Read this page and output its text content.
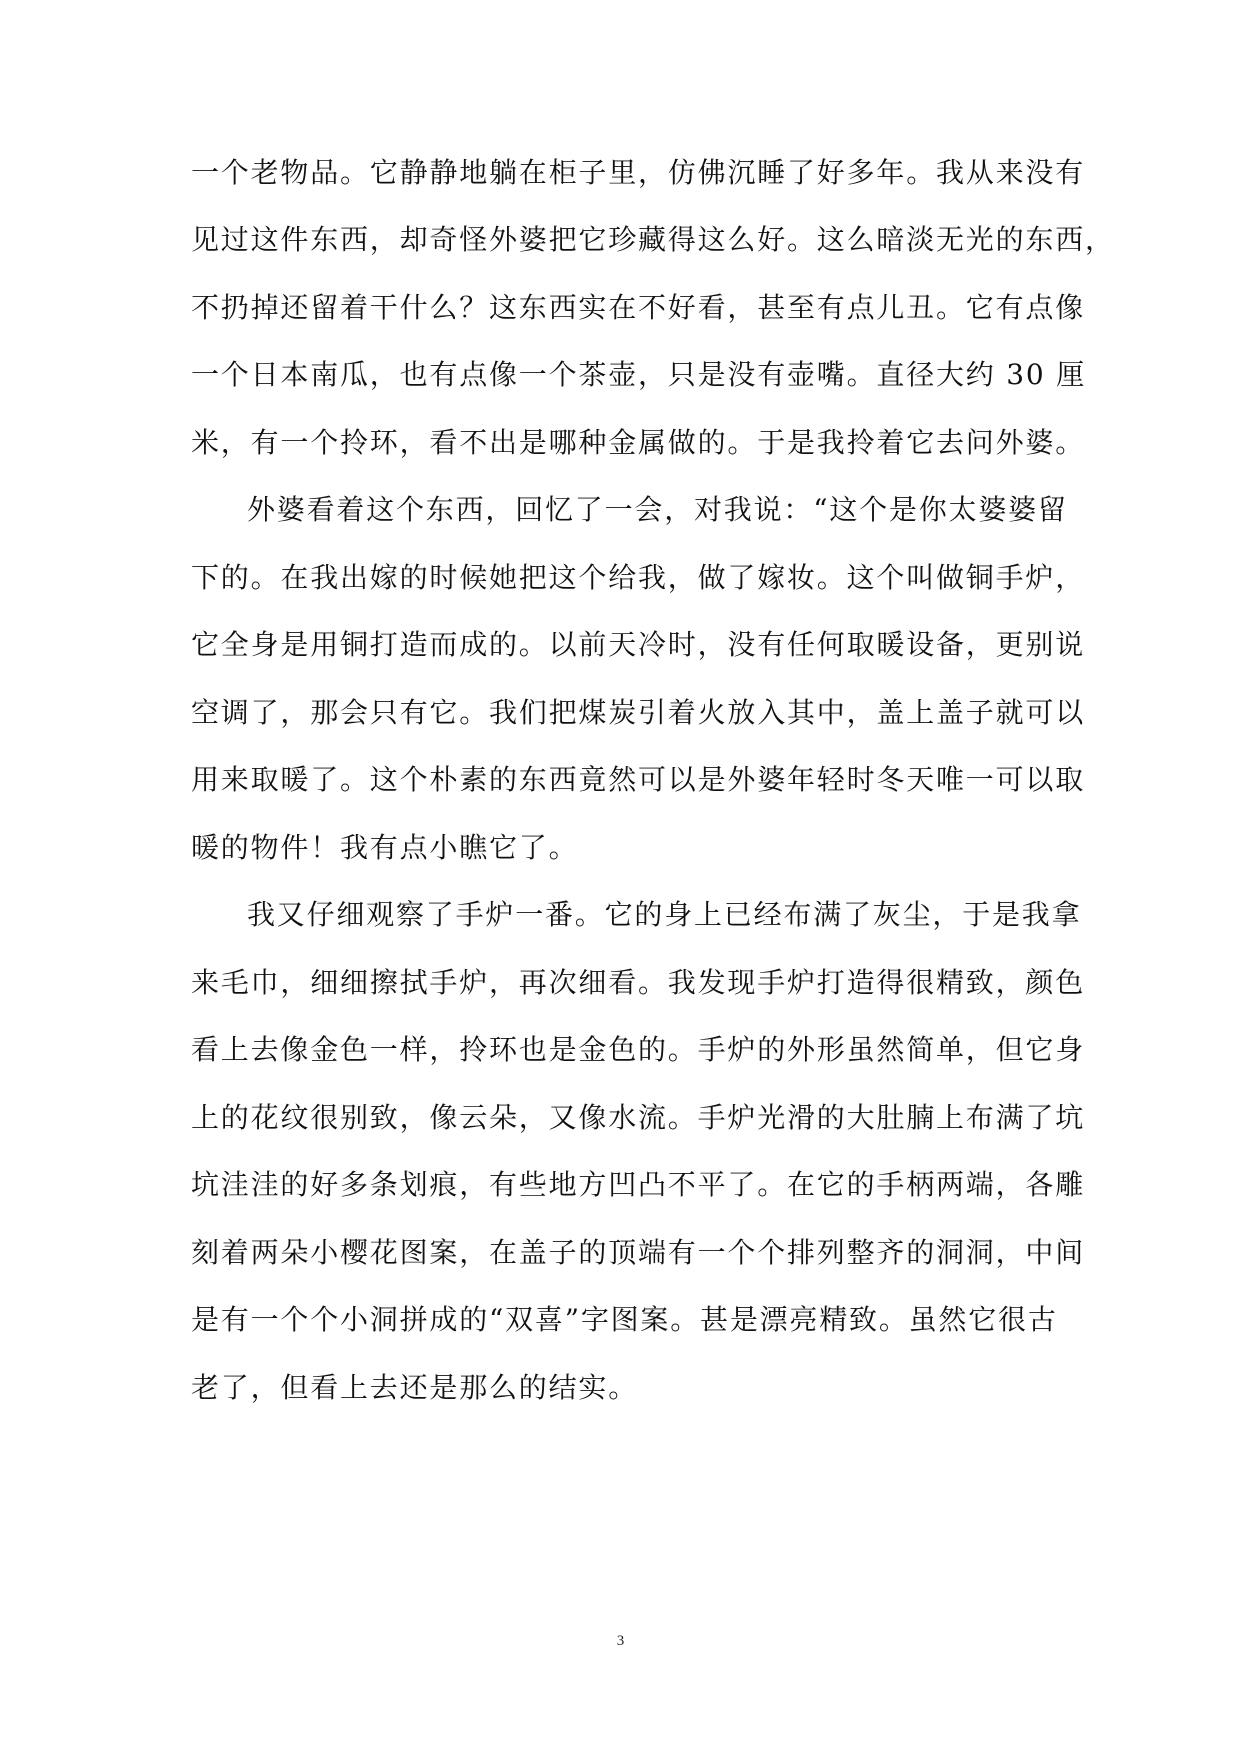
一个老物品。它静静地躺在柜子里，仿佛沉睡了好多年。我从来没有
见过这件东西，却奇怪外婆把它珍藏得这么好。这么暗淡无光的东西，
不扔掉还留着干什么？这东西实在不好看，甚至有点儿丑。它有点像
一个日本南瓜，也有点像一个茶壶，只是没有壶嘴。直径大约 30 厘
米，有一个拎环，看不出是哪种金属做的。于是我拎着它去问外婆。
外婆看着这个东西，回忆了一会，对我说：“这个是你太婆婆留
下的。在我出嫁的时候她把这个给我，做了嫁妆。这个叫做铜手炉，
它全身是用铜打造而成的。以前天冷时，没有任何取暖设备，更别说
空调了，那会只有它。我们把煤炭引着火放入其中，盖上盖子就可以
用来取暖了。这个朴素的东西竟然可以是外婆年轻时冬天唯一可以取
暖的物件！我有点小瞧它了。
我又仔细观察了手炉一番。它的身上已经布满了灰尘，于是我拿
来毛巾，细细擦拭手炉，再次细看。我发现手炉打造得很精致，颜色
看上去像金色一样，拎环也是金色的。手炉的外形虽然简单，但它身
上的花纹很别致，像云朵，又像水流。手炉光滑的大肚腩上布满了坑
坑洼洼的好多条划痕，有些地方凹凸不平了。在它的手柄两端，各雕
刻着两朵小樱花图案，在盖子的顶端有一个个排列整齐的洞洞，中间
是有一个个小洞拼成的“双喜”字图案。甚是漂亮精致。虽然它很古
老了，但看上去还是那么的结实。
3
